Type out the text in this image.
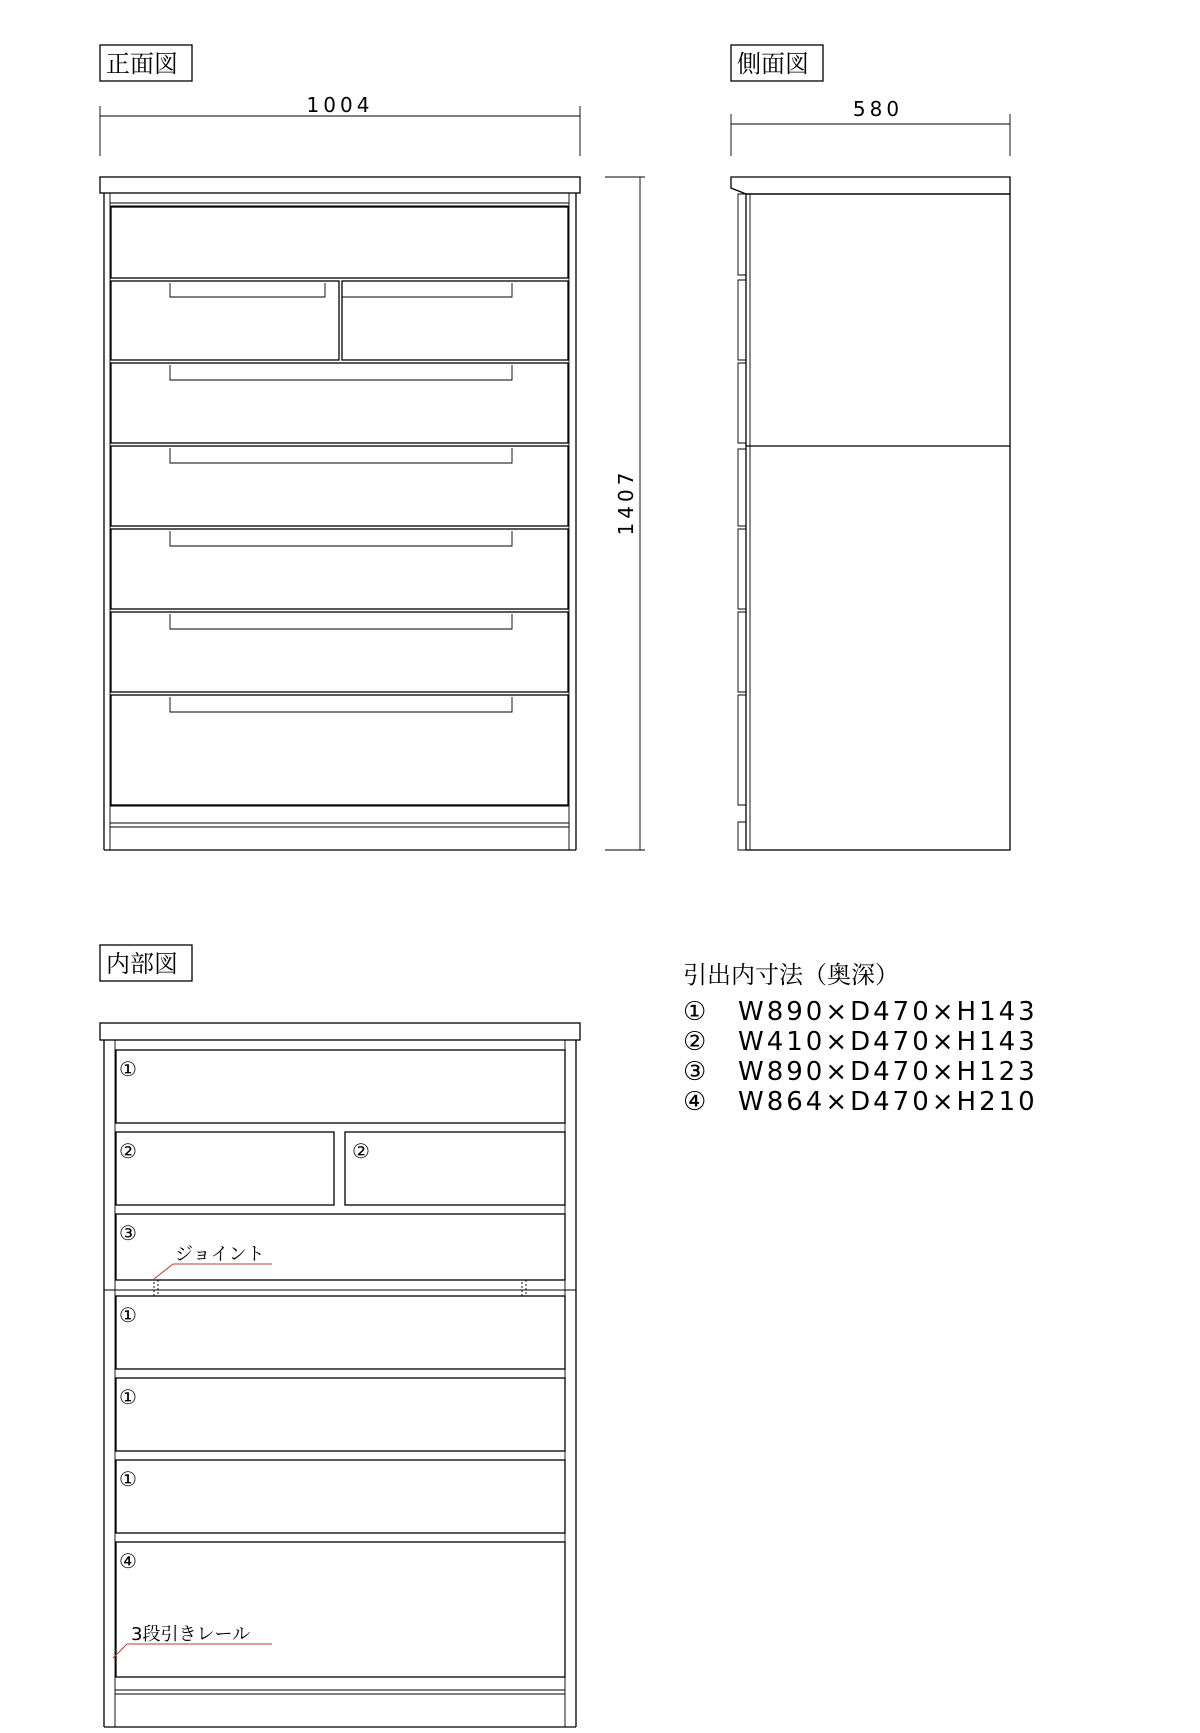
正面図
1004
1407
側面図
580
内部図
①
②	②
③
①
①
①
④
ジョイント
3段引きレール
引出内寸法（奥深）
① W890×D470×H143
② W410×D470×H143
③ W890×D470×H123
④ W864×D470×H210
